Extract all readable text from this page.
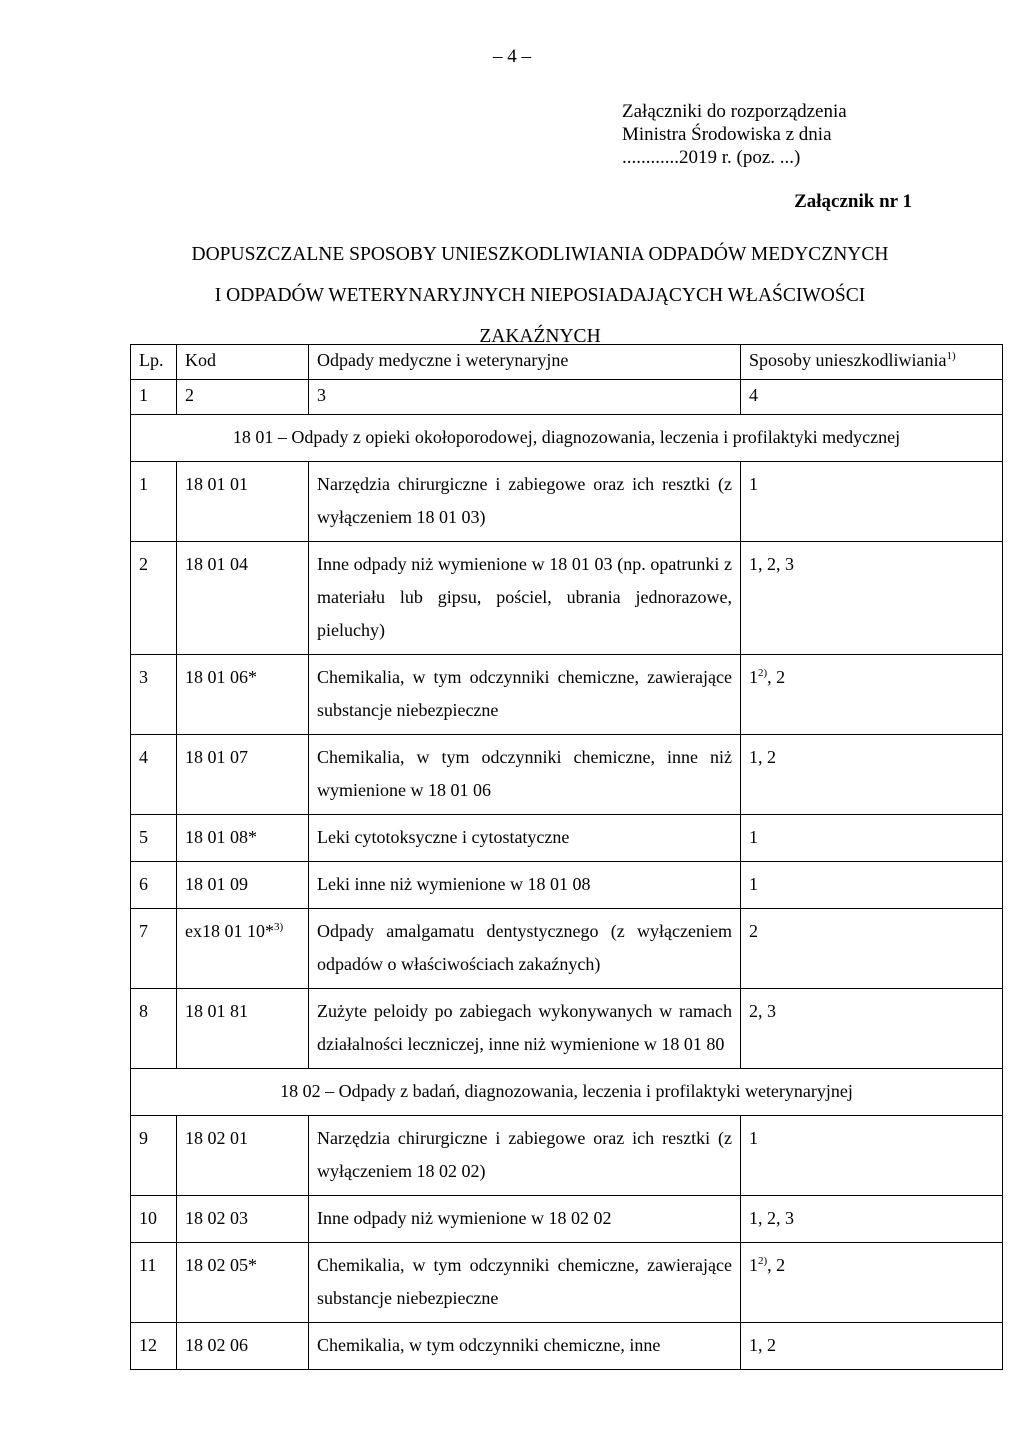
– 4 –
Załączniki do rozporządzenia
Ministra Środowiska z dnia
............2019 r. (poz. ...)
Załącznik nr 1
DOPUSZCZALNE SPOSOBY UNIESZKODLIWIANIA ODPADÓW MEDYCZNYCH
I ODPADÓW WETERYNARYJNYCH NIEPOSIADAJĄCYCH WŁAŚCIWOŚCI
ZAKAŹNYCH
Lp.	Kod	Odpady medyczne i weterynaryjne	Sposoby unieszkodliwiania$^{1)}$
1	2	3	4
18 01 – Odpady z opieki okołoporodowej, diagnozowania, leczenia i profilaktyki medycznej			
1	18 01 01	Narzędzia chirurgiczne i zabiegowe oraz ich resztki (z wyłączeniem 18 01 03)	1
2	18 01 04	Inne odpady niż wymienione w 18 01 03 (np. opatrunki z materiału lub gipsu, pościel, ubrania jednorazowe, pieluchy)	1, 2, 3
3	18 01 06*	Chemikalia, w tym odczynniki chemiczne, zawierające substancje niebezpieczne	1$^{2)}$, 2
4	18 01 07	Chemikalia, w tym odczynniki chemiczne, inne niż wymienione w 18 01 06	1, 2
5	18 01 08*	Leki cytotoksyczne i cytostatyczne	1
6	18 01 09	Leki inne niż wymienione w 18 01 08	1
7	ex18 01 10*$^{3)}$	Odpady amalgamatu dentystycznego (z wyłączeniem odpadów o właściwościach zakaźnych)	2
8	18 01 81	Zużyte peloidy po zabiegach wykonywanych w ramach działalności leczniczej, inne niż wymienione w 18 01 80	2, 3
18 02 – Odpady z badań, diagnozowania, leczenia i profilaktyki weterynaryjnej			
9	18 02 01	Narzędzia chirurgiczne i zabiegowe oraz ich resztki (z wyłączeniem 18 02 02)	1
10	18 02 03	Inne odpady niż wymienione w 18 02 02	1, 2, 3
11	18 02 05*	Chemikalia, w tym odczynniki chemiczne, zawierające substancje niebezpieczne	1$^{2)}$, 2
12	18 02 06	Chemikalia, w tym odczynniki chemiczne, inne	1, 2
